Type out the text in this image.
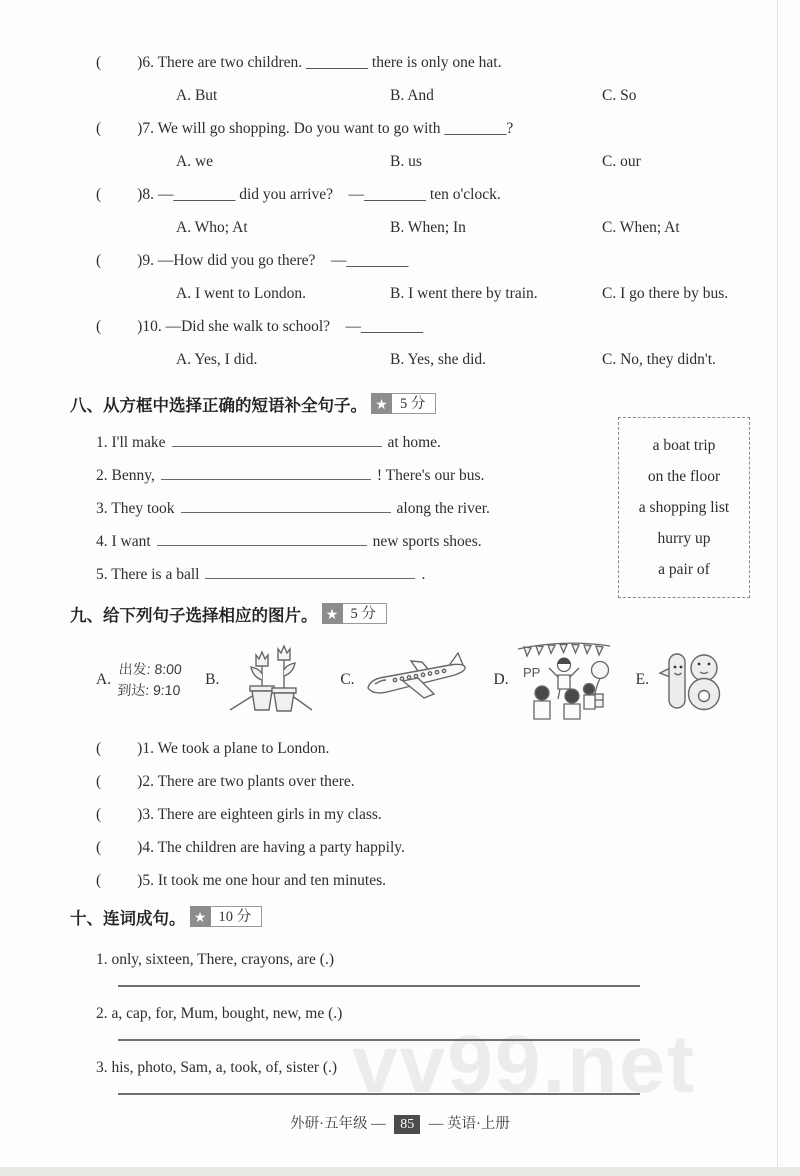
vv99.net
( )6. There are two children. ________ there is only one hat.
A. But	B. And	C. So
( )7. We will go shopping. Do you want to go with ________?
A. we	B. us	C. our
( )8. —________ did you arrive?　—________ ten o'clock.
A. Who; At	B. When; In	C. When; At
( )9. —How did you go there?　—________
A. I went to London.	B. I went there by train.	C. I go there by bus.
( )10. —Did she walk to school?　—________
A. Yes, I did.	B. Yes, she did.	C. No, they didn't.
八、从方框中选择正确的短语补全句子。 ★ 5 分
1. I'll make	at home.
2. Benny,	! There's our bus.
3. They took	along the river.
4. I want	new sports shoes.
5. There is a ball	.
a boat trip
on the floor
a shopping list
hurry up
a pair of
九、给下列句子选择相应的图片。 ★ 5 分
A.
出发: 8:00
到达: 9:10
B.	C.	D. PP	E.
( )1. We took a plane to London.
( )2. There are two plants over there.
( )3. There are eighteen girls in my class.
( )4. The children are having a party happily.
( )5. It took me one hour and ten minutes.
十、连词成句。 ★ 10 分
1. only, sixteen, There, crayons, are (.)
2. a, cap, for, Mum, bought, new, me (.)
3. his, photo, Sam, a, took, of, sister (.)
外研·五年级 — 85 — 英语·上册
